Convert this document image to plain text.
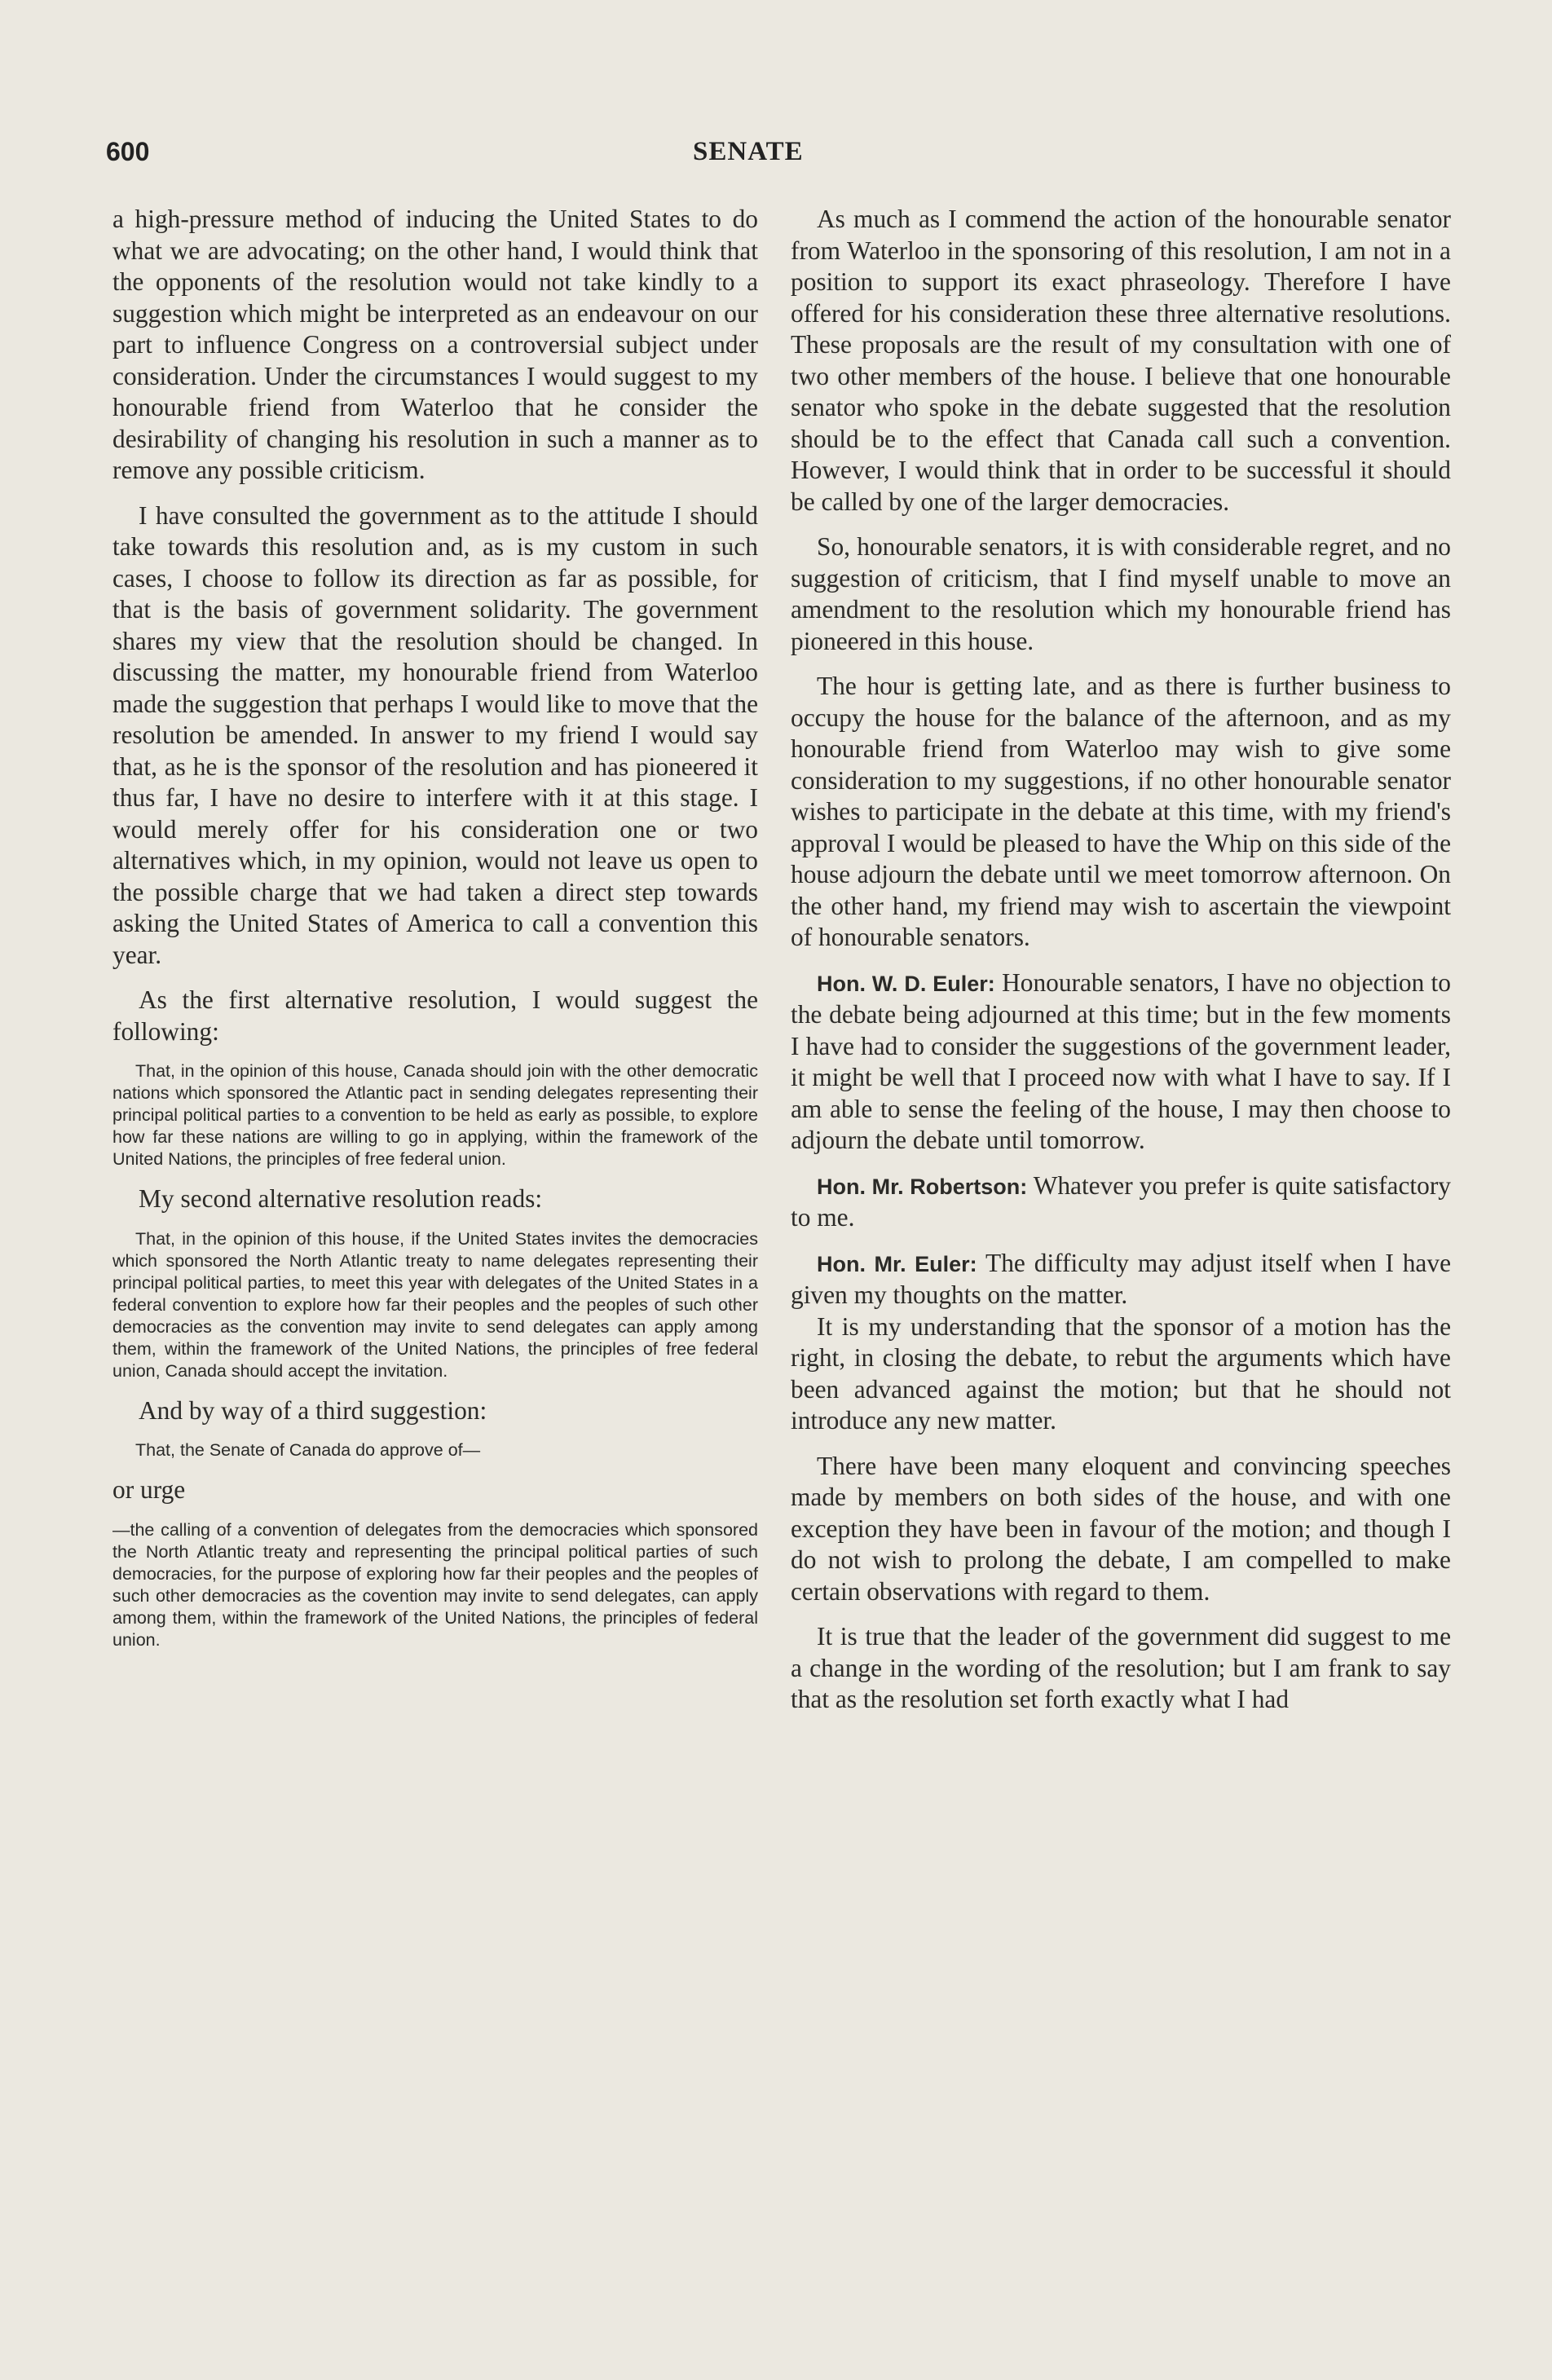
600	SENATE

a high-pressure method of inducing the United States to do what we are advocating; on the other hand, I would think that the opponents of the resolution would not take kindly to a suggestion which might be interpreted as an endeavour on our part to influence Congress on a controversial subject under consideration. Under the circumstances I would suggest to my honourable friend from Waterloo that he consider the desirability of changing his resolution in such a manner as to remove any possible criticism.

I have consulted the government as to the attitude I should take towards this resolution and, as is my custom in such cases, I choose to follow its direction as far as possible, for that is the basis of government solidarity. The government shares my view that the resolution should be changed. In discussing the matter, my honourable friend from Waterloo made the suggestion that perhaps I would like to move that the resolution be amended. In answer to my friend I would say that, as he is the sponsor of the resolution and has pioneered it thus far, I have no desire to interfere with it at this stage. I would merely offer for his consideration one or two alternatives which, in my opinion, would not leave us open to the possible charge that we had taken a direct step towards asking the United States of America to call a convention this year.

As the first alternative resolution, I would suggest the following:

That, in the opinion of this house, Canada should join with the other democratic nations which sponsored the Atlantic pact in sending delegates representing their principal political parties to a convention to be held as early as possible, to explore how far these nations are willing to go in applying, within the framework of the United Nations, the principles of free federal union.

My second alternative resolution reads:

That, in the opinion of this house, if the United States invites the democracies which sponsored the North Atlantic treaty to name delegates representing their principal political parties, to meet this year with delegates of the United States in a federal convention to explore how far their peoples and the peoples of such other democracies as the convention may invite to send delegates can apply among them, within the framework of the United Nations, the principles of free federal union, Canada should accept the invitation.

And by way of a third suggestion:

That, the Senate of Canada do approve of—

or urge

—the calling of a convention of delegates from the democracies which sponsored the North Atlantic treaty and representing the principal political parties of such democracies, for the purpose of exploring how far their peoples and the peoples of such other democracies as the covention may invite to send delegates, can apply among them, within the framework of the United Nations, the principles of federal union.

As much as I commend the action of the honourable senator from Waterloo in the sponsoring of this resolution, I am not in a position to support its exact phraseology. Therefore I have offered for his consideration these three alternative resolutions. These proposals are the result of my consultation with one of two other members of the house. I believe that one honourable senator who spoke in the debate suggested that the resolution should be to the effect that Canada call such a convention. However, I would think that in order to be successful it should be called by one of the larger democracies.

So, honourable senators, it is with considerable regret, and no suggestion of criticism, that I find myself unable to move an amendment to the resolution which my honourable friend has pioneered in this house.

The hour is getting late, and as there is further business to occupy the house for the balance of the afternoon, and as my honourable friend from Waterloo may wish to give some consideration to my suggestions, if no other honourable senator wishes to participate in the debate at this time, with my friend's approval I would be pleased to have the Whip on this side of the house adjourn the debate until we meet tomorrow afternoon. On the other hand, my friend may wish to ascertain the viewpoint of honourable senators.

Hon. W. D. Euler: Honourable senators, I have no objection to the debate being adjourned at this time; but in the few moments I have had to consider the suggestions of the government leader, it might be well that I proceed now with what I have to say. If I am able to sense the feeling of the house, I may then choose to adjourn the debate until tomorrow.

Hon. Mr. Robertson: Whatever you prefer is quite satisfactory to me.

Hon. Mr. Euler: The difficulty may adjust itself when I have given my thoughts on the matter.

It is my understanding that the sponsor of a motion has the right, in closing the debate, to rebut the arguments which have been advanced against the motion; but that he should not introduce any new matter.

There have been many eloquent and convincing speeches made by members on both sides of the house, and with one exception they have been in favour of the motion; and though I do not wish to prolong the debate, I am compelled to make certain observations with regard to them.

It is true that the leader of the government did suggest to me a change in the wording of the resolution; but I am frank to say that as the resolution set forth exactly what I had
